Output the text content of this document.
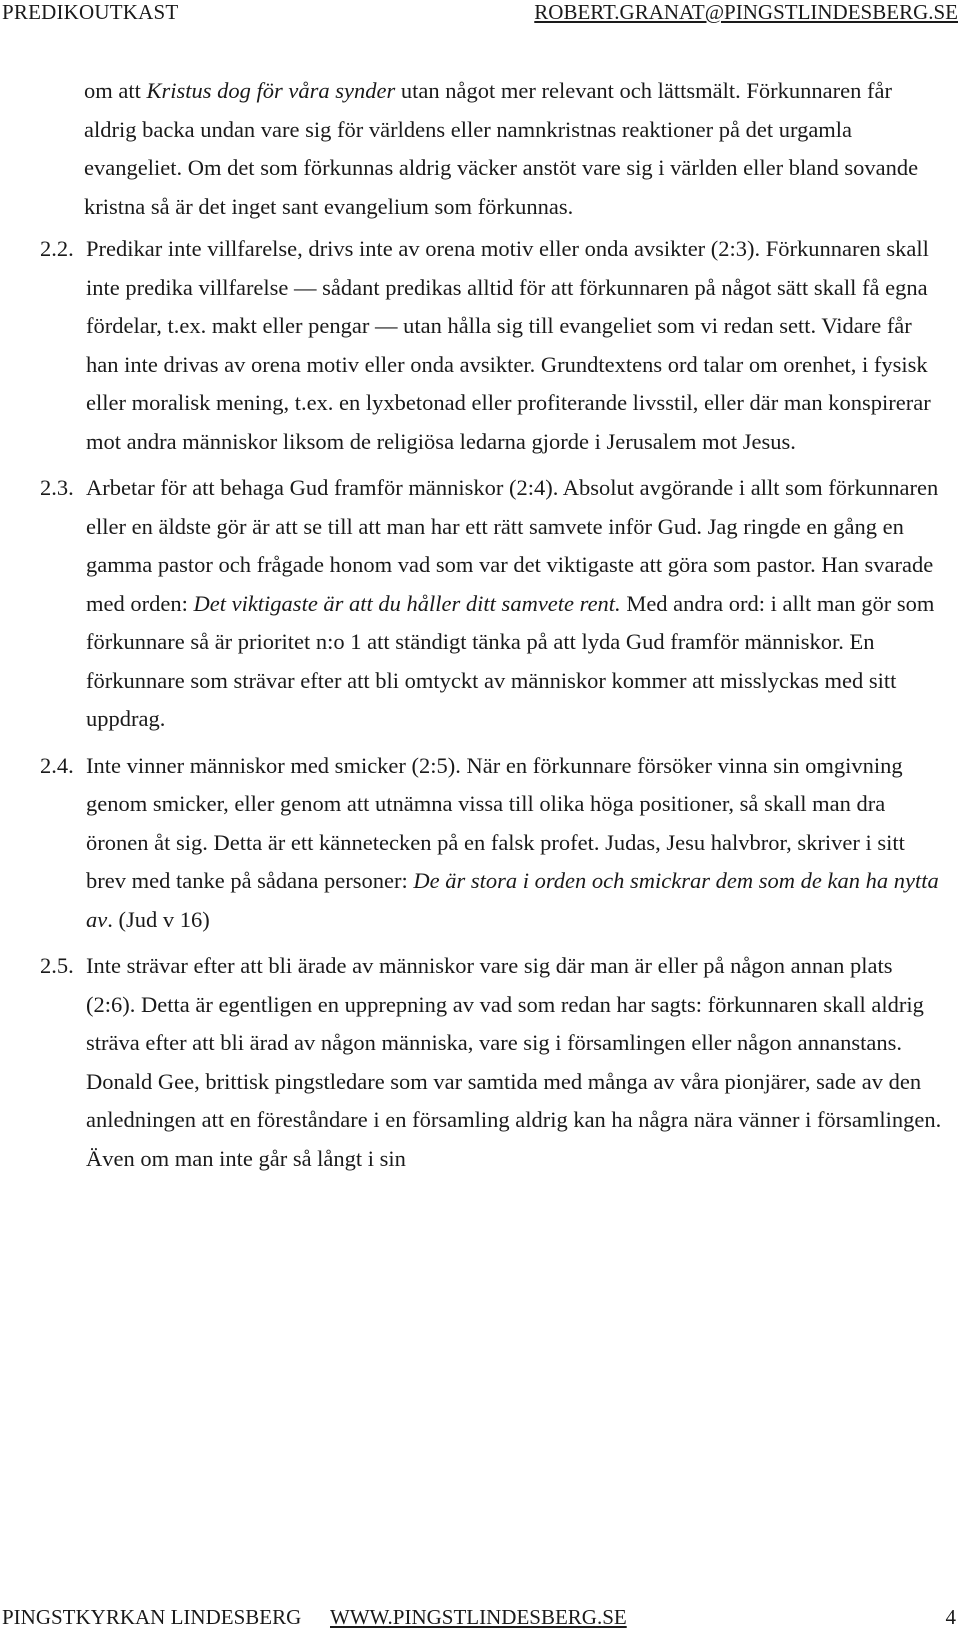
PREDIKOUTKAST	ROBERT.GRANAT@PINGSTLINDESBERG.SE

om att Kristus dog för våra synder utan något mer relevant och lättsmält. Förkunnaren får aldrig backa undan vare sig för världens eller namnkristnas reaktioner på det urgamla evangeliet. Om det som förkunnas aldrig väcker anstöt vare sig i världen eller bland sovande kristna så är det inget sant evangelium som förkunnas.

2.2. Predikar inte villfarelse, drivs inte av orena motiv eller onda avsikter (2:3). Förkunnaren skall inte predika villfarelse — sådant predikas alltid för att förkunnaren på något sätt skall få egna fördelar, t.ex. makt eller pengar — utan hålla sig till evangeliet som vi redan sett. Vidare får han inte drivas av orena motiv eller onda avsikter. Grundtextens ord talar om orenhet, i fysisk eller moralisk mening, t.ex. en lyxbetonad eller profiterande livsstil, eller där man konspirerar mot andra människor liksom de religiösa ledarna gjorde i Jerusalem mot Jesus.
2.3. Arbetar för att behaga Gud framför människor (2:4). Absolut avgörande i allt som förkunnaren eller en äldste gör är att se till att man har ett rätt samvete inför Gud. Jag ringde en gång en gamma pastor och frågade honom vad som var det viktigaste att göra som pastor. Han svarade med orden: Det viktigaste är att du håller ditt samvete rent. Med andra ord: i allt man gör som förkunnare så är prioritet n:o 1 att ständigt tänka på att lyda Gud framför människor. En förkunnare som strävar efter att bli omtyckt av människor kommer att misslyckas med sitt uppdrag.
2.4. Inte vinner människor med smicker (2:5). När en förkunnare försöker vinna sin omgivning genom smicker, eller genom att utnämna vissa till olika höga positioner, så skall man dra öronen åt sig. Detta är ett kännetecken på en falsk profet. Judas, Jesu halvbror, skriver i sitt brev med tanke på sådana personer: De är stora i orden och smickrar dem som de kan ha nytta av. (Jud v 16)
2.5. Inte strävar efter att bli ärade av människor vare sig där man är eller på någon annan plats (2:6). Detta är egentligen en upprepning av vad som redan har sagts: förkunnaren skall aldrig sträva efter att bli ärad av någon människa, vare sig i församlingen eller någon annanstans. Donald Gee, brittisk pingstledare som var samtida med många av våra pionjärer, sade av den anledningen att en föreståndare i en församling aldrig kan ha några nära vänner i församlingen. Även om man inte går så långt i sin
PINGSTKYRKAN LINDESBERG WWW.PINGSTLINDESBERG.SE	4
